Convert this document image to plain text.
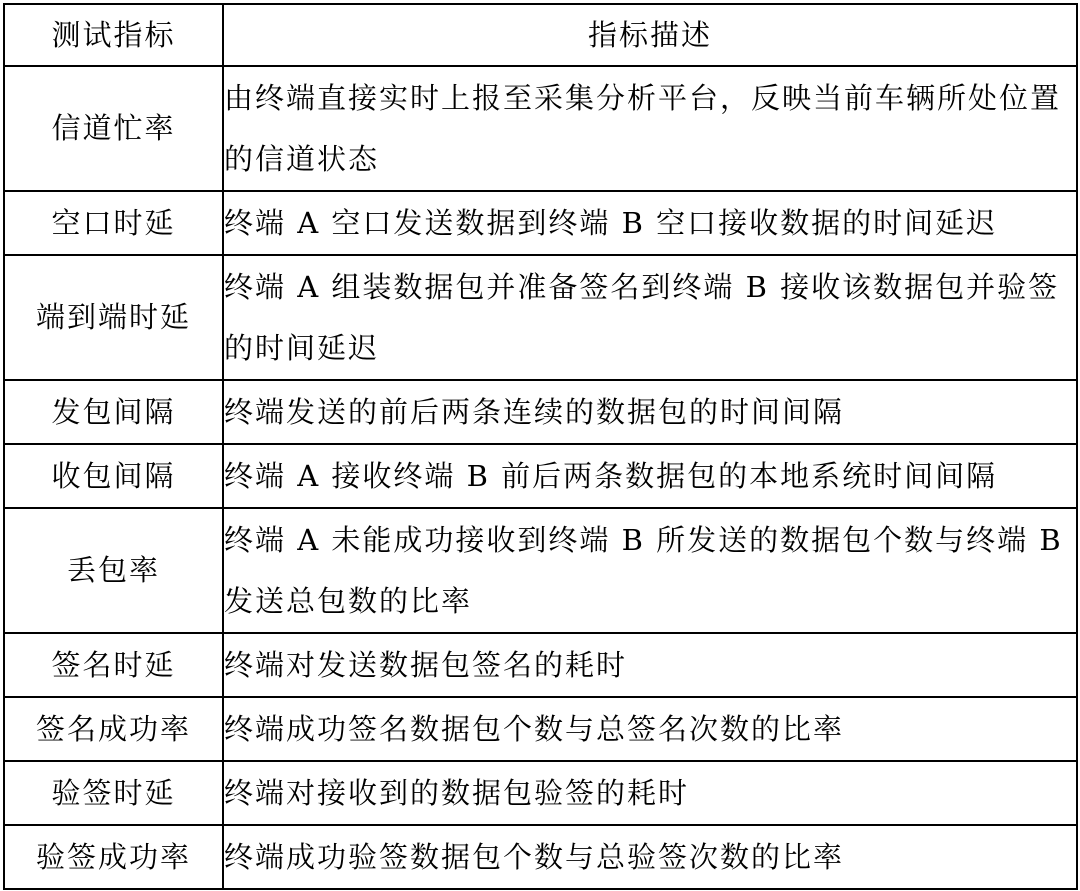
测试指标	指标描述
信道忙率	由终端直接实时上报至采集分析平台，反映当前车辆所处位置的信道状态
空口时延	终端 A 空口发送数据到终端 B 空口接收数据的时间延迟
端到端时延	终端 A 组装数据包并准备签名到终端 B 接收该数据包并验签的时间延迟
发包间隔	终端发送的前后两条连续的数据包的时间间隔
收包间隔	终端 A 接收终端 B 前后两条数据包的本地系统时间间隔
丢包率	终端 A 未能成功接收到终端 B 所发送的数据包个数与终端 B 发送总包数的比率
签名时延	终端对发送数据包签名的耗时
签名成功率	终端成功签名数据包个数与总签名次数的比率
验签时延	终端对接收到的数据包验签的耗时
验签成功率	终端成功验签数据包个数与总验签次数的比率
